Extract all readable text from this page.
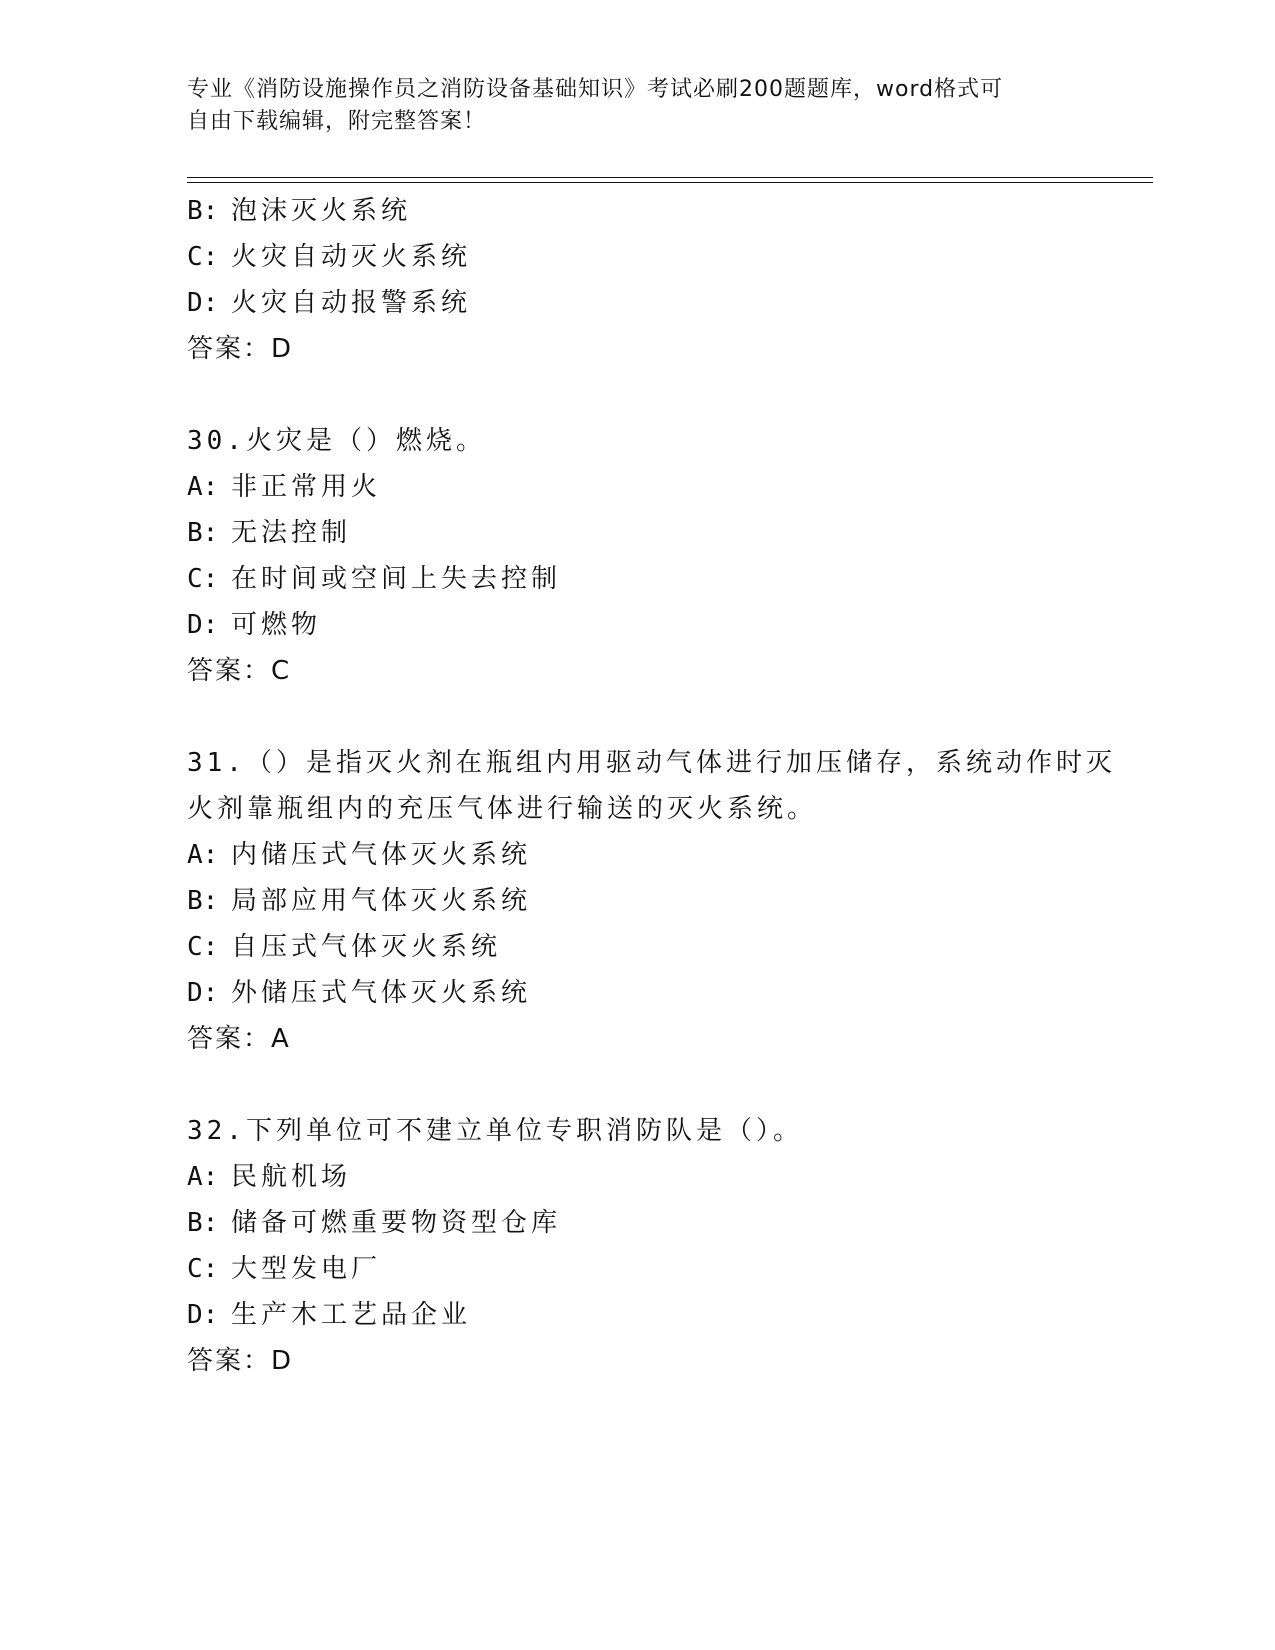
专业《消防设施操作员之消防设备基础知识》考试必刷200题题库，word格式可
自由下载编辑，附完整答案！
B: 泡沫灭火系统
C: 火灾自动灭火系统
D: 火灾自动报警系统
答案：D
30.火灾是（）燃烧。
A: 非正常用火
B: 无法控制
C: 在时间或空间上失去控制
D: 可燃物
答案：C
31.（）是指灭火剂在瓶组内用驱动气体进行加压储存，系统动作时灭
火剂靠瓶组内的充压气体进行输送的灭火系统。
A: 内储压式气体灭火系统
B: 局部应用气体灭火系统
C: 自压式气体灭火系统
D: 外储压式气体灭火系统
答案：A
32.下列单位可不建立单位专职消防队是（）。
A: 民航机场
B: 储备可燃重要物资型仓库
C: 大型发电厂
D: 生产木工艺品企业
答案：D
